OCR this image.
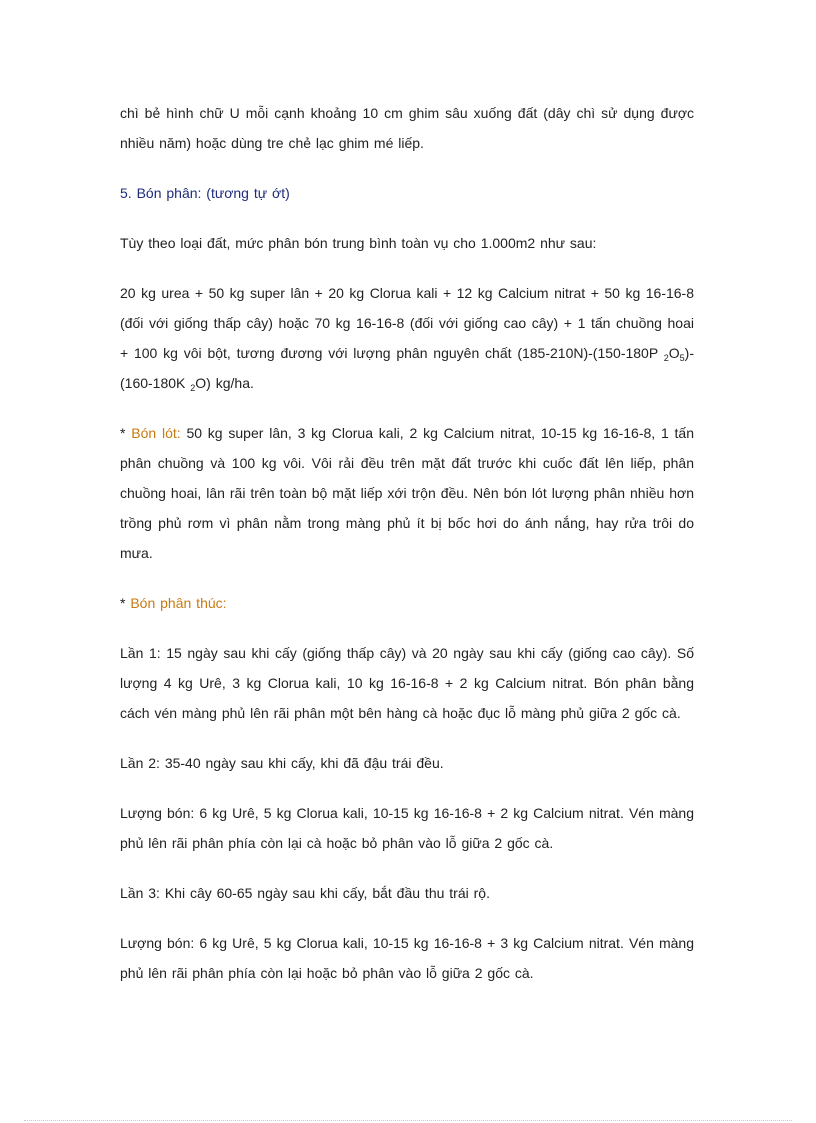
chì bẻ hình chữ U mỗi cạnh khoảng 10 cm ghim sâu xuống đất (dây chì sử dụng được nhiều năm) hoặc dùng tre chẻ lạc ghim mé liếp.

5. Bón phân: (tương tự ớt)

Tùy theo loại đất, mức phân bón trung bình toàn vụ cho 1.000m2 như sau:

20 kg urea + 50 kg super lân + 20 kg Clorua kali + 12 kg Calcium nitrat + 50 kg 16-16-8 (đối với giống thấp cây) hoặc 70 kg 16-16-8 (đối với giống cao cây) + 1 tấn chuồng hoai + 100 kg vôi bột, tương đương với lượng phân nguyên chất (185-210N)-(150-180P $_2O_5)-(160-180K$ $_2$O) kg/ha.

* Bón lót: 50 kg super lân, 3 kg Clorua kali, 2 kg Calcium nitrat, 10-15 kg 16-16-8, 1 tấn phân chuồng và 100 kg vôi. Vôi rải đều trên mặt đất trước khi cuốc đất lên liếp, phân chuồng hoai, lân rãi trên toàn bộ mặt liếp xới trộn đều. Nên bón lót lượng phân nhiều hơn trồng phủ rơm vì phân nằm trong màng phủ ít bị bốc hơi do ánh nắng, hay rửa trôi do mưa.

* Bón phân thúc:

Lần 1: 15 ngày sau khi cấy (giống thấp cây) và 20 ngày sau khi cấy (giống cao cây). Số lượng 4 kg Urê, 3 kg Clorua kali, 10 kg 16-16-8 + 2 kg Calcium nitrat. Bón phân bằng cách vén màng phủ lên rãi phân một bên hàng cà hoặc đục lỗ màng phủ giữa 2 gốc cà.

Lần 2: 35-40 ngày sau khi cấy, khi đã đậu trái đều.

Lượng bón: 6 kg Urê, 5 kg Clorua kali, 10-15 kg 16-16-8 + 2 kg Calcium nitrat. Vén màng phủ lên rãi phân phía còn lại cà hoặc bỏ phân vào lỗ giữa 2 gốc cà.

Lần 3: Khi cây 60-65 ngày sau khi cấy, bắt đầu thu trái rộ.

Lượng bón: 6 kg Urê, 5 kg Clorua kali, 10-15 kg 16-16-8 + 3 kg Calcium nitrat. Vén màng phủ lên rãi phân phía còn lại hoặc bỏ phân vào lỗ giữa 2 gốc cà.
